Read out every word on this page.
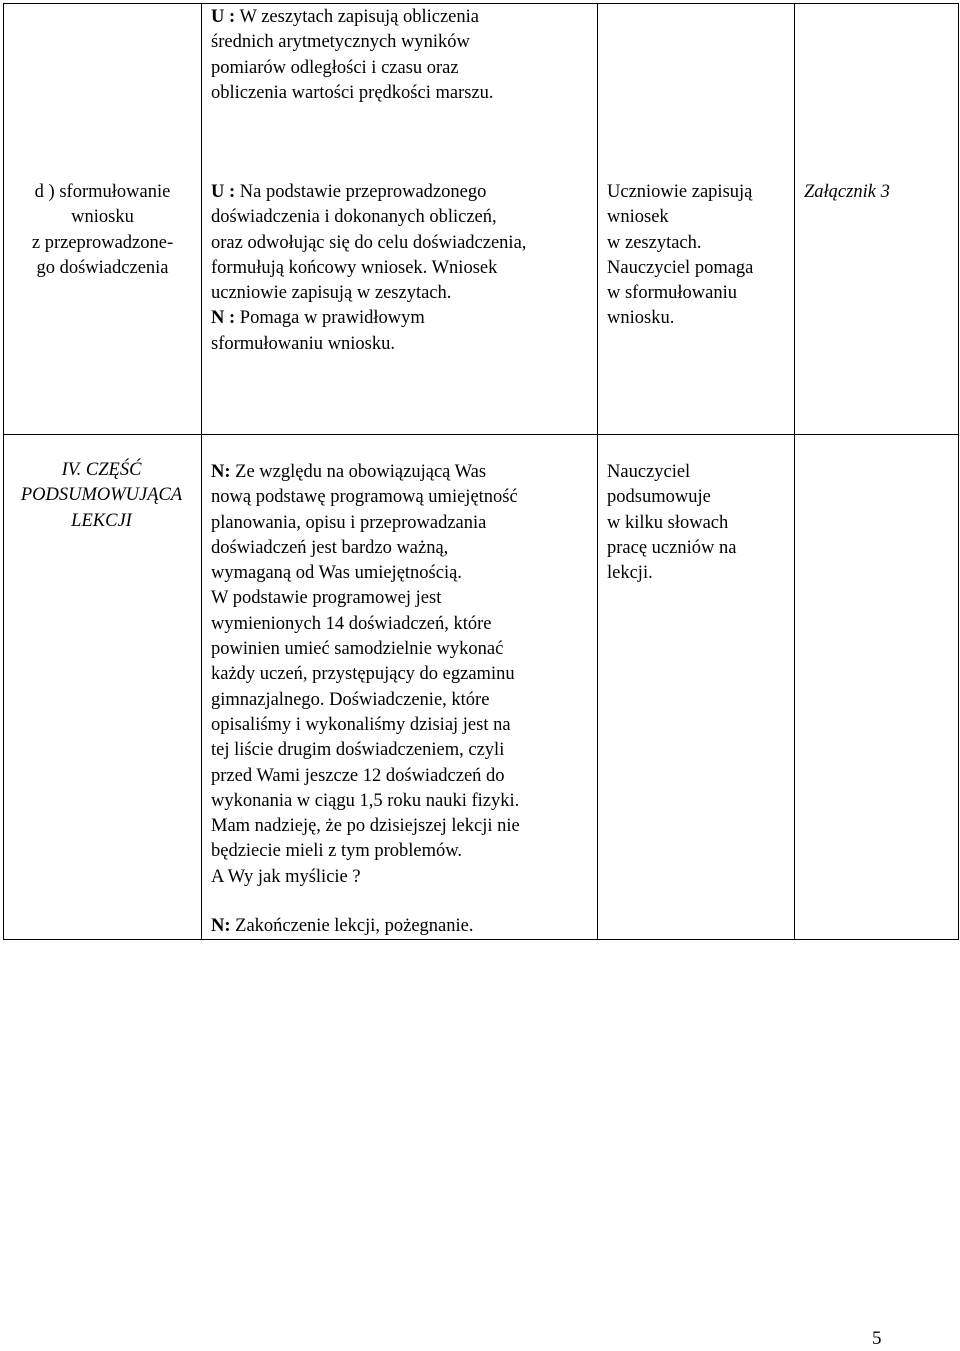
U : W zeszytach zapisują obliczenia
średnich arytmetycznych wyników
pomiarów odległości i czasu oraz
obliczenia wartości prędkości marszu.
d ) sformułowanie
wniosku
z przeprowadzone-
go doświadczenia
U : Na podstawie przeprowadzonego
doświadczenia i dokonanych obliczeń,
oraz odwołując się do celu doświadczenia,
formułują końcowy wniosek. Wniosek
uczniowie zapisują w zeszytach.
N : Pomaga w prawidłowym
sformułowaniu wniosku.
Uczniowie zapisują
wniosek
w zeszytach.
Nauczyciel pomaga
w sformułowaniu
wniosku.
Załącznik 3
IV. CZĘŚĆ
PODSUMOWUJĄCA
LEKCJI
N: Ze względu na obowiązującą Was
nową podstawę programową umiejętność
planowania, opisu i przeprowadzania
doświadczeń jest bardzo ważną,
wymaganą od Was umiejętnością.
W podstawie programowej jest
wymienionych 14 doświadczeń, które
powinien umieć samodzielnie wykonać
każdy uczeń, przystępujący do egzaminu
gimnazjalnego. Doświadczenie, które
opisaliśmy i wykonaliśmy dzisiaj jest na
tej liście drugim doświadczeniem, czyli
przed Wami jeszcze 12 doświadczeń do
wykonania w ciągu 1,5 roku nauki fizyki.
Mam nadzieję, że po dzisiejszej lekcji nie
będziecie mieli z tym problemów.
A Wy jak myślicie ?
N: Zakończenie lekcji, pożegnanie.
Nauczyciel
podsumowuje
w kilku słowach
pracę uczniów na
lekcji.
5
